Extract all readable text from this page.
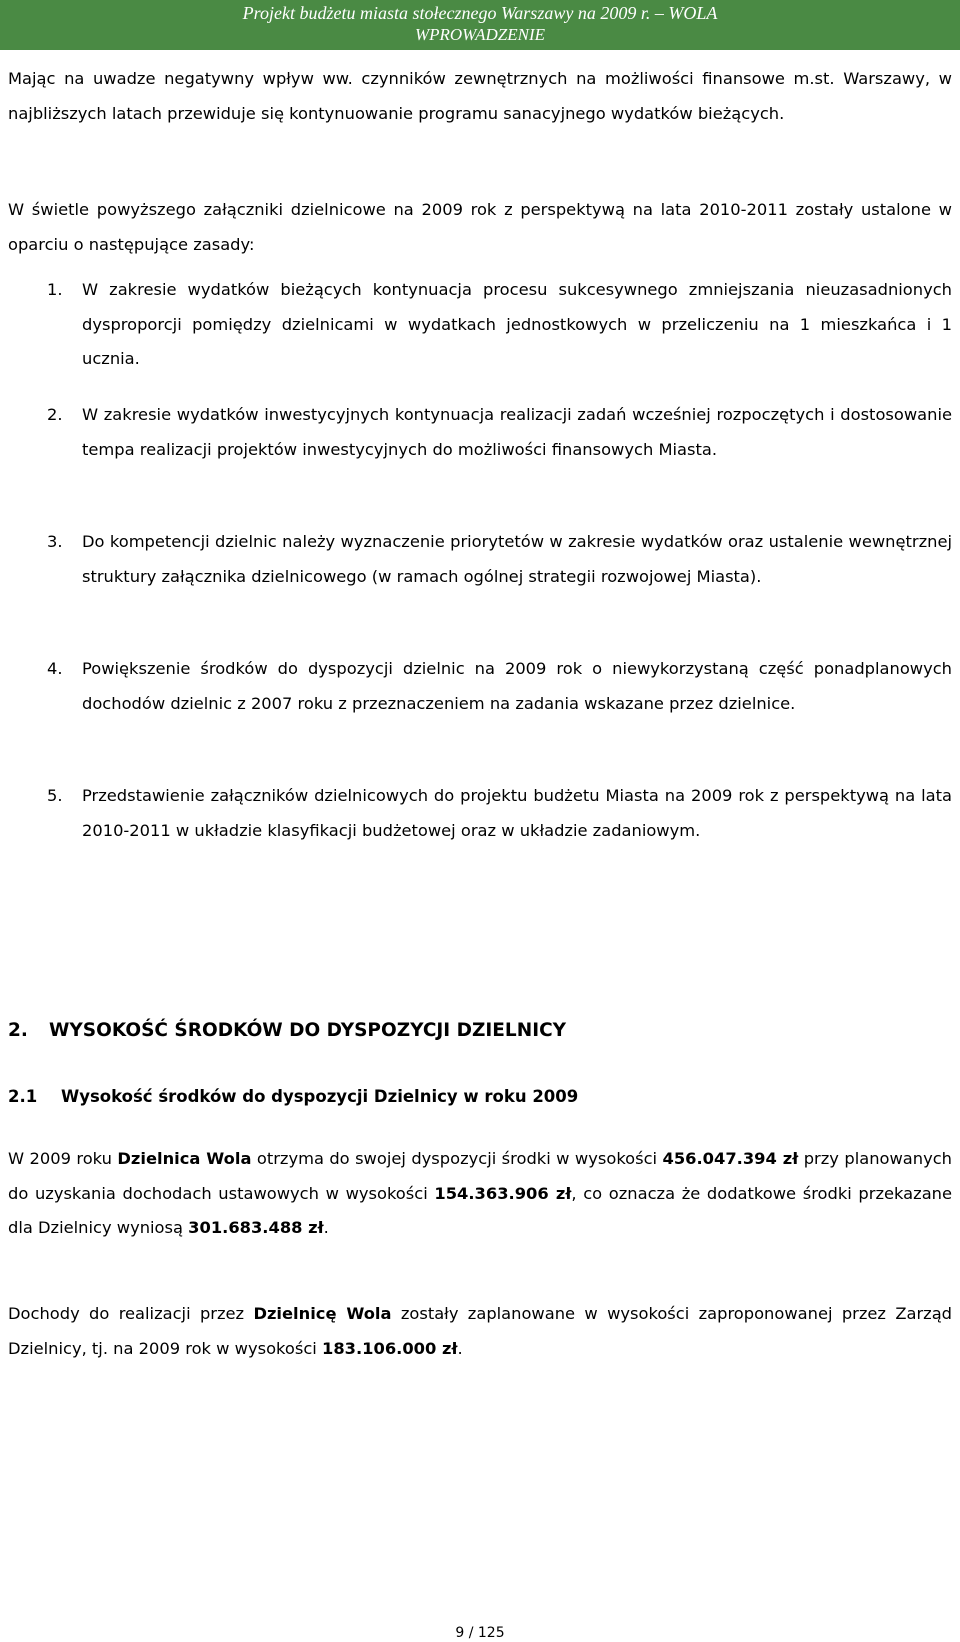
Projekt budżetu miasta stołecznego Warszawy na 2009 r. – WOLA
WPROWADZENIE

Mając na uwadze negatywny wpływ ww. czynników zewnętrznych na możliwości finansowe m.st. Warszawy, w najbliższych latach przewiduje się kontynuowanie programu sanacyjnego wydatków bieżących.

W świetle powyższego załączniki dzielnicowe na 2009 rok z perspektywą na lata 2010-2011 zostały ustalone w oparciu o następujące zasady:

1. W zakresie wydatków bieżących kontynuacja procesu sukcesywnego zmniejszania nieuzasadnionych dysproporcji pomiędzy dzielnicami w wydatkach jednostkowych w przeliczeniu na 1 mieszkańca i 1 ucznia.

2. W zakresie wydatków inwestycyjnych kontynuacja realizacji zadań wcześniej rozpoczętych i dostosowanie tempa realizacji projektów inwestycyjnych do możliwości finansowych Miasta.

3. Do kompetencji dzielnic należy wyznaczenie priorytetów w zakresie wydatków oraz ustalenie wewnętrznej struktury załącznika dzielnicowego (w ramach ogólnej strategii rozwojowej Miasta).

4. Powiększenie środków do dyspozycji dzielnic na 2009 rok o niewykorzystaną część ponadplanowych dochodów dzielnic z 2007 roku z przeznaczeniem na zadania wskazane przez dzielnice.

5. Przedstawienie załączników dzielnicowych do projektu budżetu Miasta na 2009 rok z perspektywą na lata 2010-2011 w układzie klasyfikacji budżetowej oraz w układzie zadaniowym.

2. WYSOKOŚĆ ŚRODKÓW DO DYSPOZYCJI DZIELNICY
2.1 Wysokość środków do dyspozycji Dzielnicy w roku 2009

W 2009 roku Dzielnica Wola otrzyma do swojej dyspozycji środki w wysokości 456.047.394 zł przy planowanych do uzyskania dochodach ustawowych w wysokości 154.363.906 zł, co oznacza że dodatkowe środki przekazane dla Dzielnicy wyniosą 301.683.488 zł.

Dochody do realizacji przez Dzielnicę Wola zostały zaplanowane w wysokości zaproponowanej przez Zarząd Dzielnicy, tj. na 2009 rok w wysokości 183.106.000 zł.

9 / 125
